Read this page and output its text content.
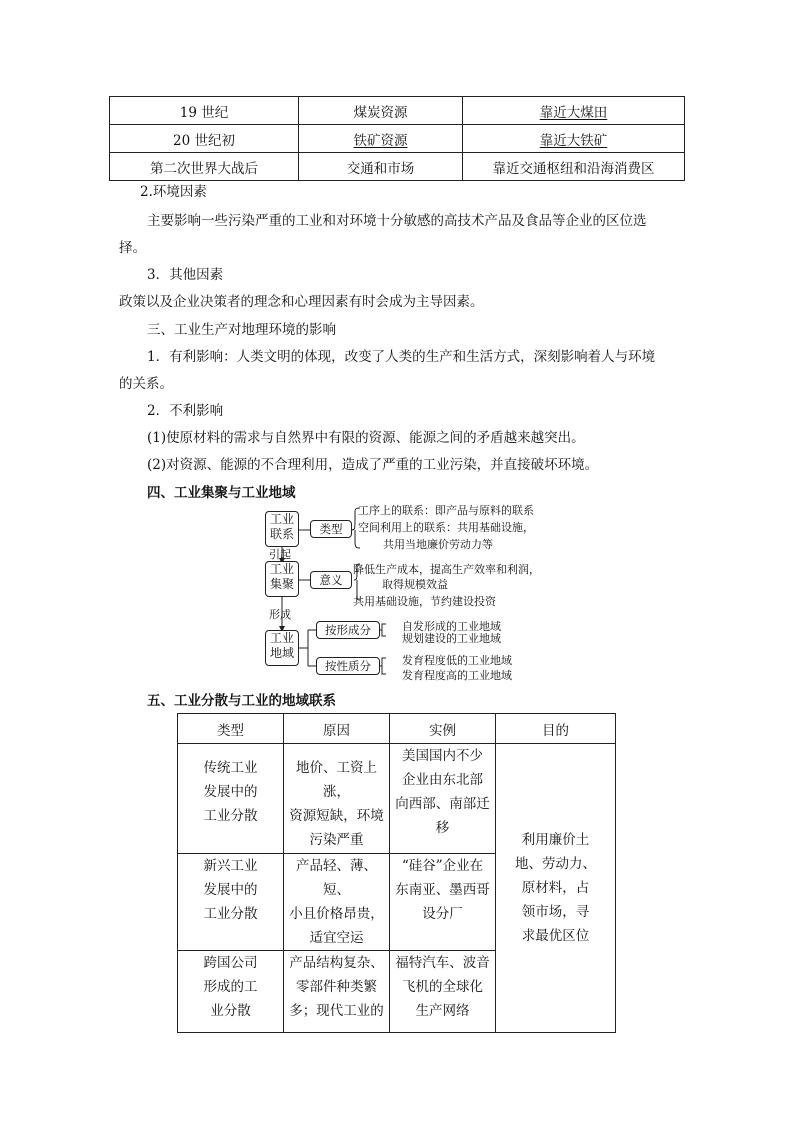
19 世纪	煤炭资源	靠近大煤田
20 世纪初	铁矿资源	靠近大铁矿
第二次世界大战后	交通和市场	靠近交通枢纽和沿海消费区
2.环境因素
主要影响一些污染严重的工业和对环境十分敏感的高技术产品及食品等企业的区位选
择。
3．其他因素
政策以及企业决策者的理念和心理因素有时会成为主导因素。
三、工业生产对地理环境的影响
1．有利影响：人类文明的体现，改变了人类的生产和生活方式，深刻影响着人与环境
的关系。
2．不利影响
(1)使原材料的需求与自然界中有限的资源、能源之间的矛盾越来越突出。
(2)对资源、能源的不合理利用，造成了严重的工业污染，并直接破坏环境。
四、工业集聚与工业地域
工业联系
工业集聚
工业地域
引起
形成
类型
意义
按形成分
按性质分
工序上的联系：即产品与原料的联系
空间利用上的联系：共用基础设施，
共用当地廉价劳动力等
降低生产成本，提高生产效率和利润，
取得规模效益
共用基础设施，节约建设投资
自发形成的工业地域
规划建设的工业地域
发育程度低的工业地域
发育程度高的工业地域
五、工业分散与工业的地域联系
类型	原因	实例	目的

传统工业
发展中的
工业分散	地价、工资上涨，
资源短缺，环境
污染严重	美国国内不少
企业由东北部
向西部、南部迁
移	利用廉价土
地、劳动力、
原材料，占
领市场，寻
求最优区位

新兴工业
发展中的
工业分散	产品轻、薄、短、
小且价格昂贵，
适宜空运	“硅谷”企业在
东南亚、墨西哥
设分厂	

跨国公司
形成的工
业分散	产品结构复杂、
零部件种类繁
多；现代工业的	福特汽车、波音
飞机的全球化
生产网络	
